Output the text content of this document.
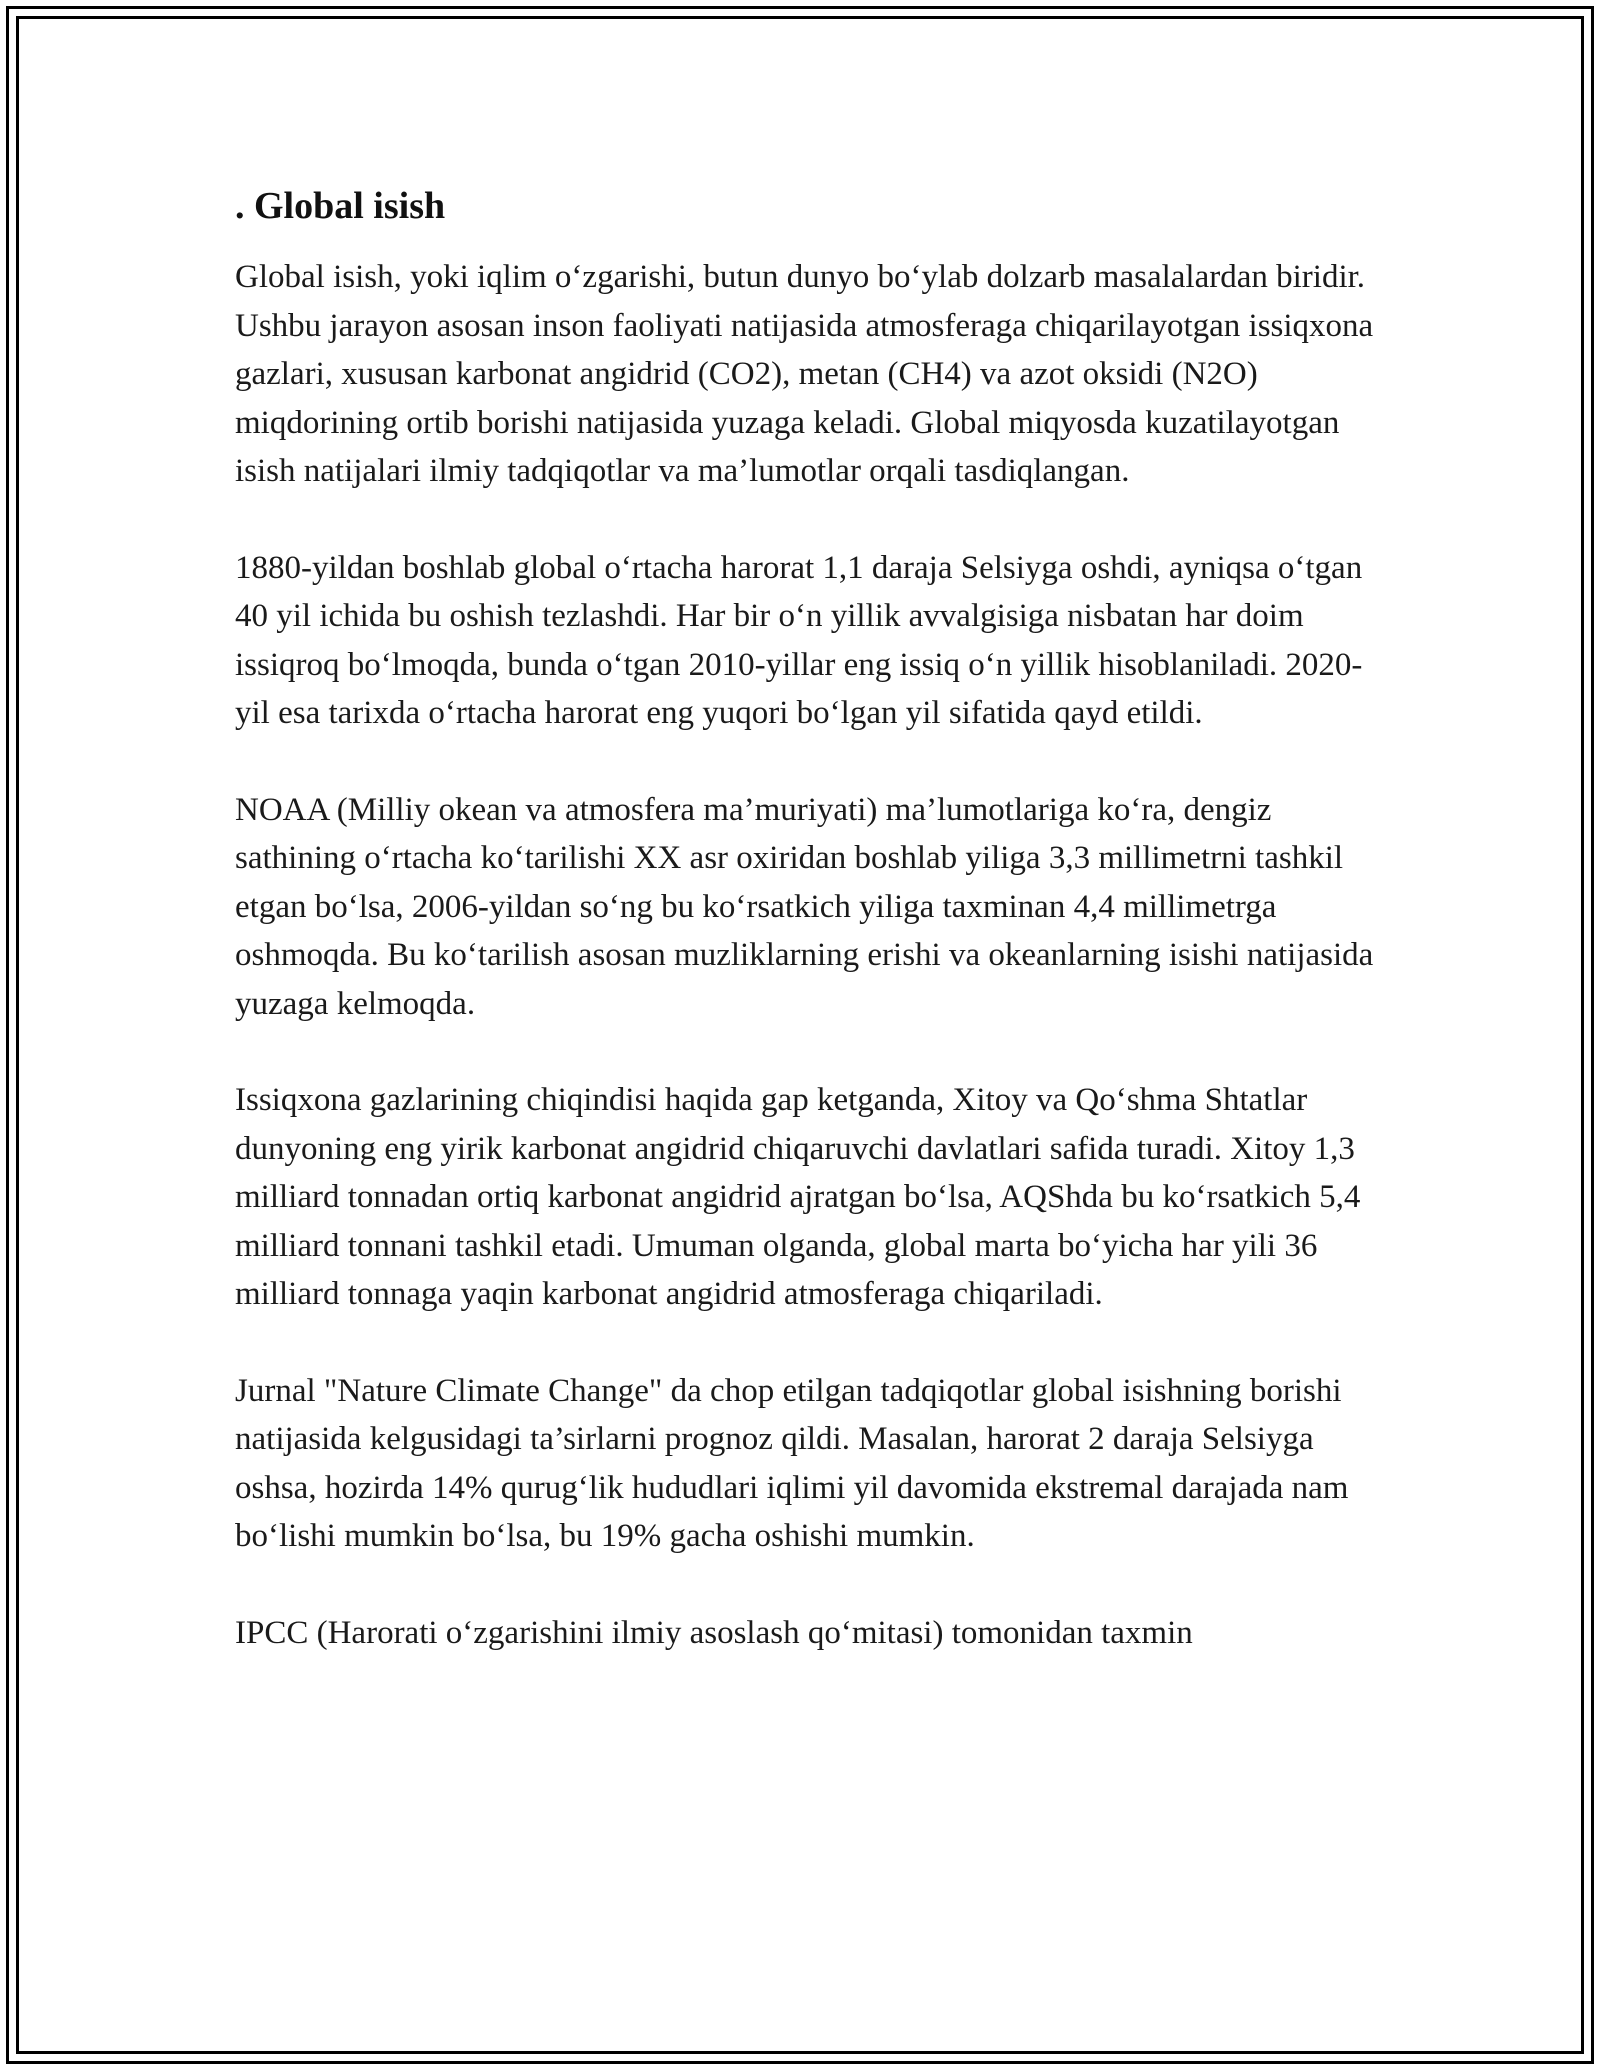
. Global isish

Global isish, yoki iqlim o‘zgarishi, butun dunyo bo‘ylab dolzarb masalalardan biridir. Ushbu jarayon asosan inson faoliyati natijasida atmosferaga chiqarilayotgan issiqxona gazlari, xususan karbonat angidrid (CO2), metan (CH4) va azot oksidi (N2O) miqdorining ortib borishi natijasida yuzaga keladi. Global miqyosda kuzatilayotgan isish natijalari ilmiy tadqiqotlar va ma’lumotlar orqali tasdiqlangan.

1880-yildan boshlab global o‘rtacha harorat 1,1 daraja Selsiyga oshdi, ayniqsa o‘tgan 40 yil ichida bu oshish tezlashdi. Har bir o‘n yillik avvalgisiga nisbatan har doim issiqroq bo‘lmoqda, bunda o‘tgan 2010-yillar eng issiq o‘n yillik hisoblaniladi. 2020-yil esa tarixda o‘rtacha harorat eng yuqori bo‘lgan yil sifatida qayd etildi.

NOAA (Milliy okean va atmosfera ma’muriyati) ma’lumotlariga ko‘ra, dengiz sathining o‘rtacha ko‘tarilishi XX asr oxiridan boshlab yiliga 3,3 millimetrni tashkil etgan bo‘lsa, 2006-yildan so‘ng bu ko‘rsatkich yiliga taxminan 4,4 millimetrga oshmoqda. Bu ko‘tarilish asosan muzliklarning erishi va okeanlarning isishi natijasida yuzaga kelmoqda.

Issiqxona gazlarining chiqindisi haqida gap ketganda, Xitoy va Qo‘shma Shtatlar dunyoning eng yirik karbonat angidrid chiqaruvchi davlatlari safida turadi. Xitoy 1,3 milliard tonnadan ortiq karbonat angidrid ajratgan bo‘lsa, AQShda bu ko‘rsatkich 5,4 milliard tonnani tashkil etadi. Umuman olganda, global marta bo‘yicha har yili 36 milliard tonnaga yaqin karbonat angidrid atmosferaga chiqariladi.

Jurnal "Nature Climate Change" da chop etilgan tadqiqotlar global isishning borishi natijasida kelgusidagi ta’sirlarni prognoz qildi. Masalan, harorat 2 daraja Selsiyga oshsa, hozirda 14% qurug‘lik hududlari iqlimi yil davomida ekstremal darajada nam bo‘lishi mumkin bo‘lsa, bu 19% gacha oshishi mumkin.

IPCC (Harorati o‘zgarishini ilmiy asoslash qo‘mitasi) tomonidan taxmin
